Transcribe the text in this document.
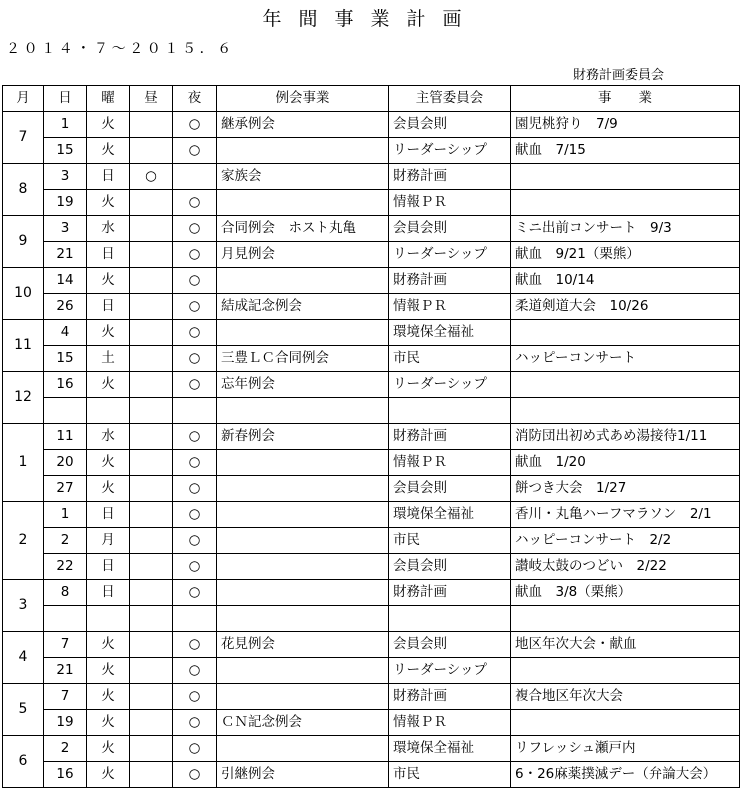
年間事業計画
２０１４・７～２０１５．６
財務計画委員会
月	日	曜	昼	夜	例会事業	主管委員会	事　　業
7	1	火		○	継承例会	会員会則	園児桃狩り　7/9
	15	火		○		リーダーシップ	献血　7/15
8	3	日	○		家族会	財務計画	
	19	火		○		情報ＰＲ	
9	3	水		○	合同例会　ホスト丸亀	会員会則	ミニ出前コンサート　9/3
	21	日		○	月見例会	リーダーシップ	献血　9/21（栗熊）
10	14	火		○		財務計画	献血　10/14
	26	日		○	結成記念例会	情報ＰＲ	柔道剣道大会　10/26
11	4	火		○		環境保全福祉	
	15	土		○	三豊ＬＣ合同例会	市民	ハッピーコンサート
12	16	火		○	忘年例会	リーダーシップ	

1	11	水		○	新春例会	財務計画	消防団出初め式あめ湯接待1/11
	20	火		○		情報ＰＲ	献血　1/20
	27	火		○		会員会則	餅つき大会　1/27
2	1	日		○		環境保全福祉	香川・丸亀ハーフマラソン　2/1
	2	月		○		市民	ハッピーコンサート　2/2
	22	日		○		会員会則	讃岐太鼓のつどい　2/22
3	8	日		○		財務計画	献血　3/8（栗熊）

4	7	火		○	花見例会	会員会則	地区年次大会・献血
	21	火		○		リーダーシップ	
5	7	火		○		財務計画	複合地区年次大会
	19	火		○	ＣＮ記念例会	情報ＰＲ	
6	2	火		○		環境保全福祉	リフレッシュ瀬戸内
	16	火		○	引継例会	市民	6・26麻薬撲滅デー（弁論大会）
